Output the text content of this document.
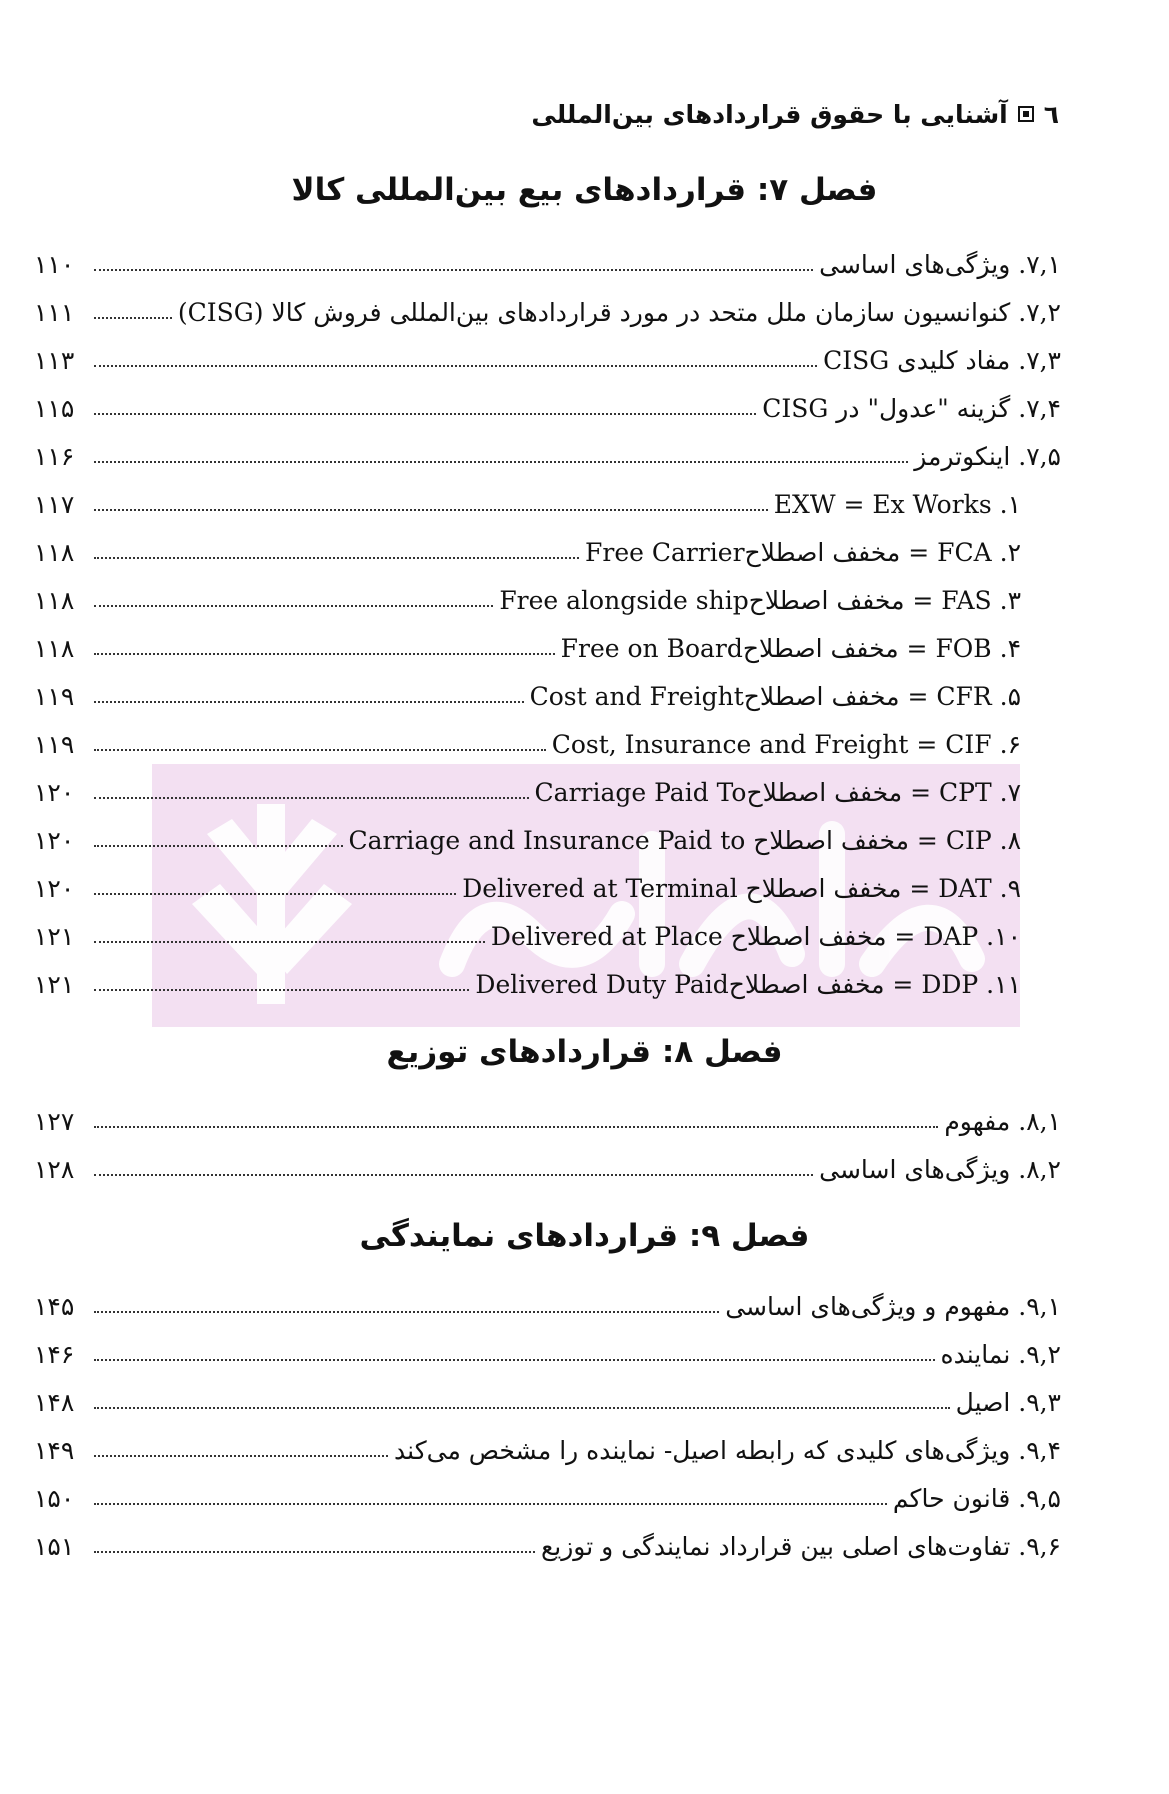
٦
آشنایی با حقوق قراردادهای بین‌المللی
فصل ۷: قراردادهای بیع بین‌المللی کالا
۷,۱. ویژگی‌های اساسی
۱۱۰
۷,۲. کنوانسیون سازمان ملل متحد در مورد قراردادهای بین‌المللی فروش کالا (CISG)
۱۱۱
۷,۳. مفاد کلیدی CISG
۱۱۳
۷,۴. گزینه "عدول" در CISG
۱۱۵
۷,۵. اینکوترمز
۱۱۶
۱. EXW = Ex Works
۱۱۷
۲. FCA = مخفف اصطلاحFree Carrier
۱۱۸
۳. FAS = مخفف اصطلاحFree alongside ship
۱۱۸
۴. FOB = مخفف اصطلاحFree on Board
۱۱۸
۵. CFR = مخفف اصطلاحCost and Freight
۱۱۹
۶. Cost, Insurance and Freight = CIF
۱۱۹
۷. CPT = مخفف اصطلاحCarriage Paid To
۱۲۰
۸. CIP = مخفف اصطلاح Carriage and Insurance Paid to
۱۲۰
۹. DAT = مخفف اصطلاح Delivered at Terminal
۱۲۰
۱۰. DAP = مخفف اصطلاح Delivered at Place
۱۲۱
۱۱. DDP = مخفف اصطلاحDelivered Duty Paid
۱۲۱
فصل ۸: قراردادهای توزیع
۸,۱. مفهوم
۱۲۷
۸,۲. ویژگی‌های اساسی
۱۲۸
فصل ۹: قراردادهای نمایندگی
۹,۱. مفهوم و ویژگی‌های اساسی
۱۴۵
۹,۲. نماینده
۱۴۶
۹,۳. اصیل
۱۴۸
۹,۴. ویژگی‌های کلیدی که رابطه اصیل- نماینده را مشخص می‌کند
۱۴۹
۹,۵. قانون حاکم
۱۵۰
۹,۶. تفاوت‌های اصلی بین قرارداد نمایندگی و توزیع
۱۵۱
